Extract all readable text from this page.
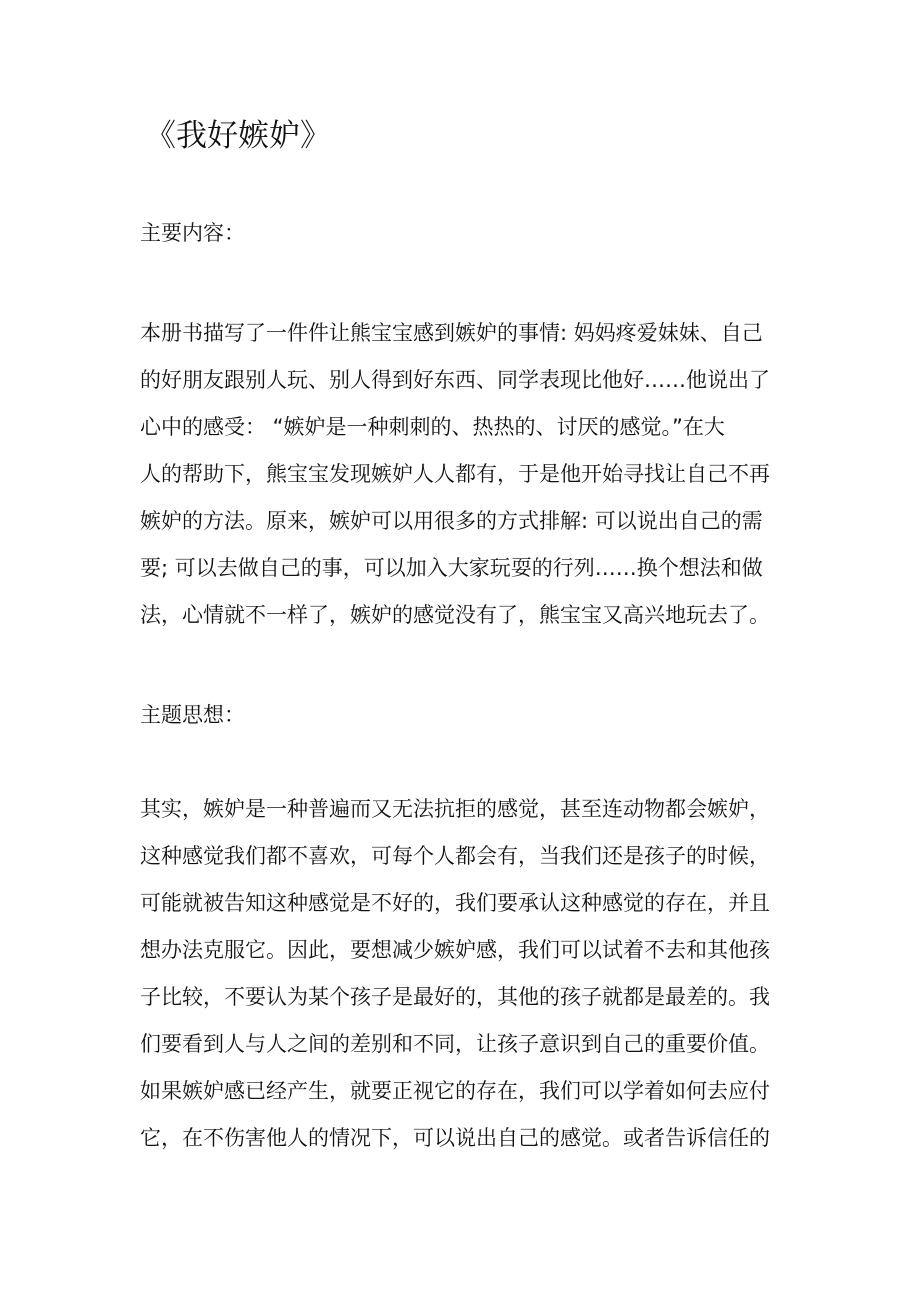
《我好嫉妒》
主要内容：
本册书描写了一件件让熊宝宝感到嫉妒的事情: 妈妈疼爱妹妹、自己
的好朋友跟别人玩、别人得到好东西、同学表现比他好……他说出了
心中的感受： “嫉妒是一种刺刺的、热热的、讨厌的感觉。”在大
人的帮助下，熊宝宝发现嫉妒人人都有，于是他开始寻找让自己不再
嫉妒的方法。原来，嫉妒可以用很多的方式排解: 可以说出自己的需
要; 可以去做自己的事，可以加入大家玩耍的行列……换个想法和做
法，心情就不一样了，嫉妒的感觉没有了，熊宝宝又高兴地玩去了。
主题思想：
其实，嫉妒是一种普遍而又无法抗拒的感觉，甚至连动物都会嫉妒，
这种感觉我们都不喜欢，可每个人都会有，当我们还是孩子的时候，
可能就被告知这种感觉是不好的，我们要承认这种感觉的存在，并且
想办法克服它。因此，要想减少嫉妒感，我们可以试着不去和其他孩
子比较，不要认为某个孩子是最好的，其他的孩子就都是最差的。我
们要看到人与人之间的差别和不同，让孩子意识到自己的重要价值。
如果嫉妒感已经产生，就要正视它的存在，我们可以学着如何去应付
它，在不伤害他人的情况下，可以说出自己的感觉。或者告诉信任的
